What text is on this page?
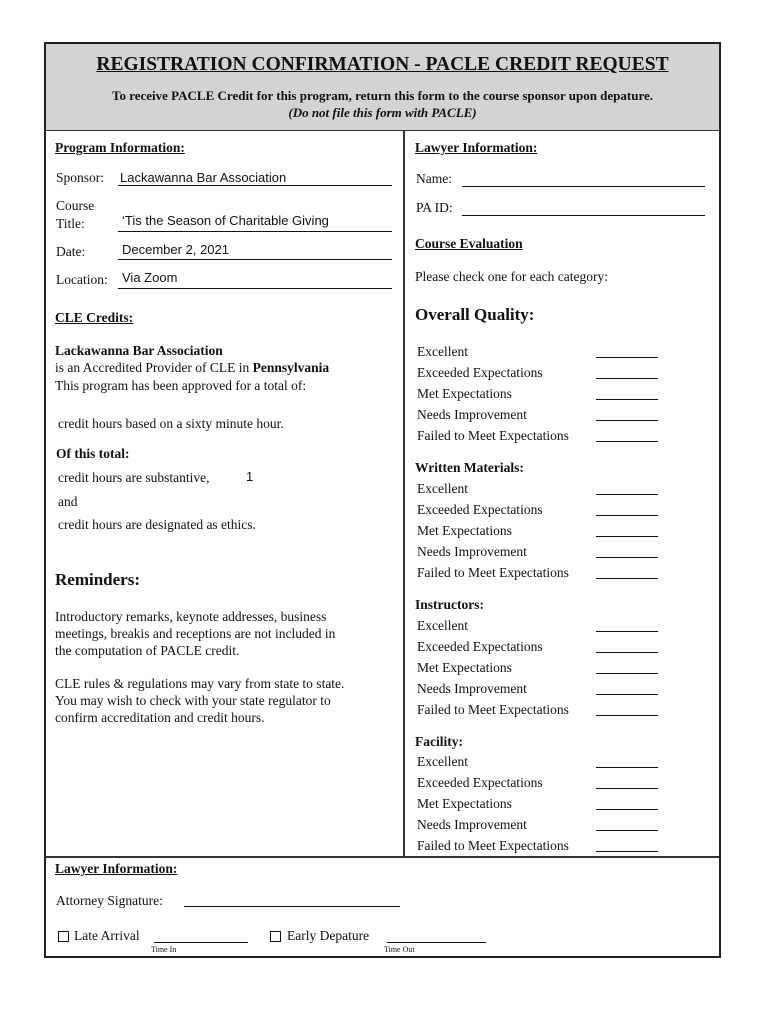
REGISTRATION CONFIRMATION - PACLE CREDIT REQUEST
To receive PACLE Credit for this program, return this form to the course sponsor upon depature.
(Do not file this form with PACLE)
Program Information:
Sponsor: Lackawanna Bar Association
Course
Title:	‘Tis the Season of Charitable Giving
Date:	December 2, 2021
Location: Via Zoom
CLE Credits:
Lackawanna Bar Association
is an Accredited Provider of CLE in Pennsylvania
This program has been approved for a total of:
credit hours based on a sixty minute hour.
Of this total:
credit hours are substantive,	1
and
credit hours are designated as ethics.
Reminders:
Introductory remarks, keynote addresses, business
meetings, breakis and receptions are not included in
the computation of PACLE credit.
CLE rules & regulations may vary from state to state.
You may wish to check with your state regulator to
confirm accreditation and credit hours.
Lawyer Information:
Name:
PA ID:
Course Evaluation
Please check one for each category:
Overall Quality:
Excellent
Exceeded Expectations
Met Expectations
Needs Improvement
Failed to Meet Expectations
Written Materials:
Excellent
Exceeded Expectations
Met Expectations
Needs Improvement
Failed to Meet Expectations
Instructors:
Excellent
Exceeded Expectations
Met Expectations
Needs Improvement
Failed to Meet Expectations
Facility:
Excellent
Exceeded Expectations
Met Expectations
Needs Improvement
Failed to Meet Expectations
Lawyer Information:
Attorney Signature:
Late Arrival
Time In
Early Depature
Time Out
